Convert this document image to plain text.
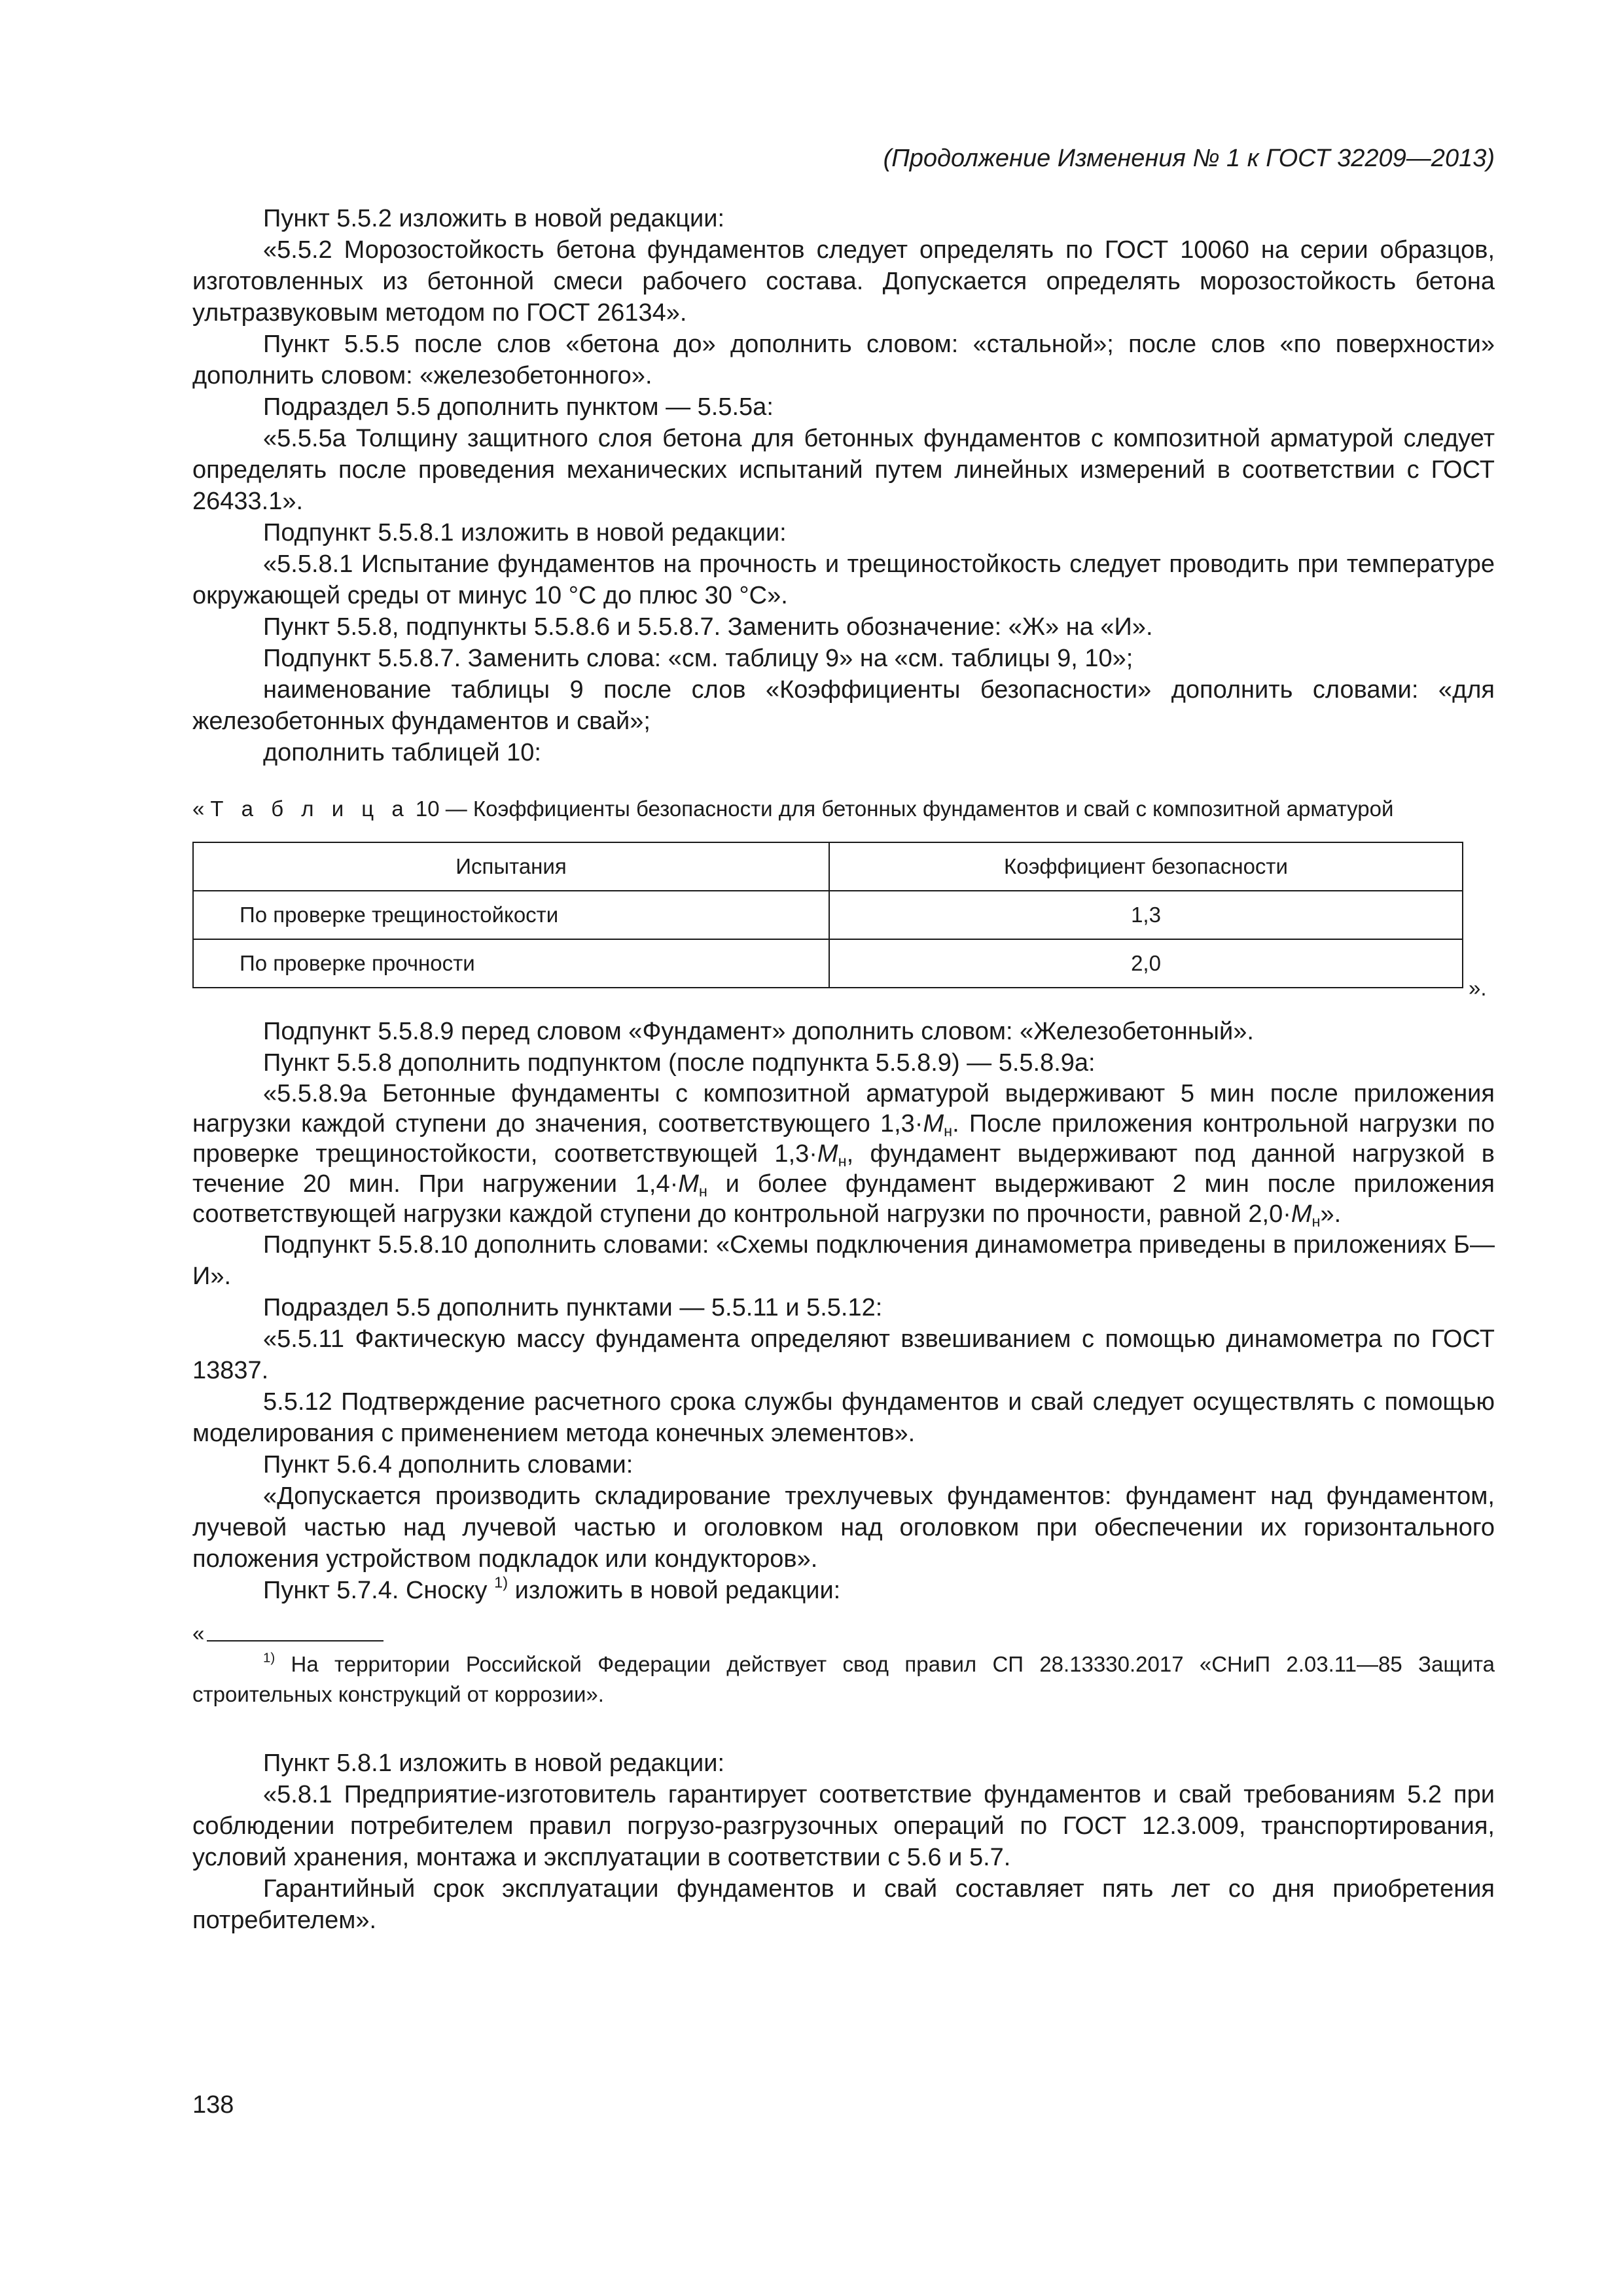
(Продолжение Изменения № 1 к ГОСТ 32209—2013)

Пункт 5.5.2 изложить в новой редакции:

«5.5.2 Морозостойкость бетона фундаментов следует определять по ГОСТ 10060 на серии образцов, изготовленных из бетонной смеси рабочего состава. Допускается определять морозостойкость бетона ультразвуковым методом по ГОСТ 26134».

Пункт 5.5.5 после слов «бетона до» дополнить словом: «стальной»; после слов «по поверхности» дополнить словом: «железобетонного».

Подраздел 5.5 дополнить пунктом — 5.5.5а:

«5.5.5а Толщину защитного слоя бетона для бетонных фундаментов с композитной арматурой следует определять после проведения механических испытаний путем линейных измерений в соответствии с ГОСТ 26433.1».

Подпункт 5.5.8.1 изложить в новой редакции:

«5.5.8.1 Испытание фундаментов на прочность и трещиностойкость следует проводить при температуре окружающей среды от минус 10 °С до плюс 30 °С».

Пункт 5.5.8, подпункты 5.5.8.6 и 5.5.8.7. Заменить обозначение: «Ж» на «И».

Подпункт 5.5.8.7. Заменить слова: «см. таблицу 9» на «см. таблицы 9, 10»;

наименование таблицы 9 после слов «Коэффициенты безопасности» дополнить словами: «для железобетонных фундаментов и свай»;

дополнить таблицей 10:

«Т а б л и ц а 10 — Коэффициенты безопасности для бетонных фундаментов и свай с композитной арматурой
Испытания	Коэффициент безопасности
По проверке трещиностойкости	1,3
По проверке прочности	2,0
».

Подпункт 5.5.8.9 перед словом «Фундамент» дополнить словом: «Железобетонный».

Пункт 5.5.8 дополнить подпунктом (после подпункта 5.5.8.9) — 5.5.8.9а:

«5.5.8.9а Бетонные фундаменты с композитной арматурой выдерживают 5 мин после приложения нагрузки каждой ступени до значения, соответствующего $1,3\cdot M_н$. После приложения контрольной нагрузки по проверке трещиностойкости, соответствующей $1,3\cdot M_н$, фундамент выдерживают под данной нагрузкой в течение 20 мин. При нагружении $1,4\cdot M_н$ и более фундамент выдерживают 2 мин после приложения соответствующей нагрузки каждой ступени до контрольной нагрузки по прочности, равной $2,0\cdot M_н$».

Подпункт 5.5.8.10 дополнить словами: «Схемы подключения динамометра приведены в приложениях Б—И».

Подраздел 5.5 дополнить пунктами — 5.5.11 и 5.5.12:

«5.5.11 Фактическую массу фундамента определяют взвешиванием с помощью динамометра по ГОСТ 13837.

5.5.12 Подтверждение расчетного срока службы фундаментов и свай следует осуществлять с помощью моделирования с применением метода конечных элементов».

Пункт 5.6.4 дополнить словами:

«Допускается производить складирование трехлучевых фундаментов: фундамент над фундаментом, лучевой частью над лучевой частью и оголовком над оголовком при обеспечении их горизонтального положения устройством подкладок или кондукторов».

Пункт 5.7.4. Сноску $^{1)}$ изложить в новой редакции:

«

$^{1)}$ На территории Российской Федерации действует свод правил СП 28.13330.2017 «СНиП 2.03.11—85 Защита строительных конструкций от коррозии».

Пункт 5.8.1 изложить в новой редакции:

«5.8.1 Предприятие-изготовитель гарантирует соответствие фундаментов и свай требованиям 5.2 при соблюдении потребителем правил погрузо-разгрузочных операций по ГОСТ 12.3.009, транспортирования, условий хранения, монтажа и эксплуатации в соответствии с 5.6 и 5.7.

Гарантийный срок эксплуатации фундаментов и свай составляет пять лет со дня приобретения потребителем».

138
